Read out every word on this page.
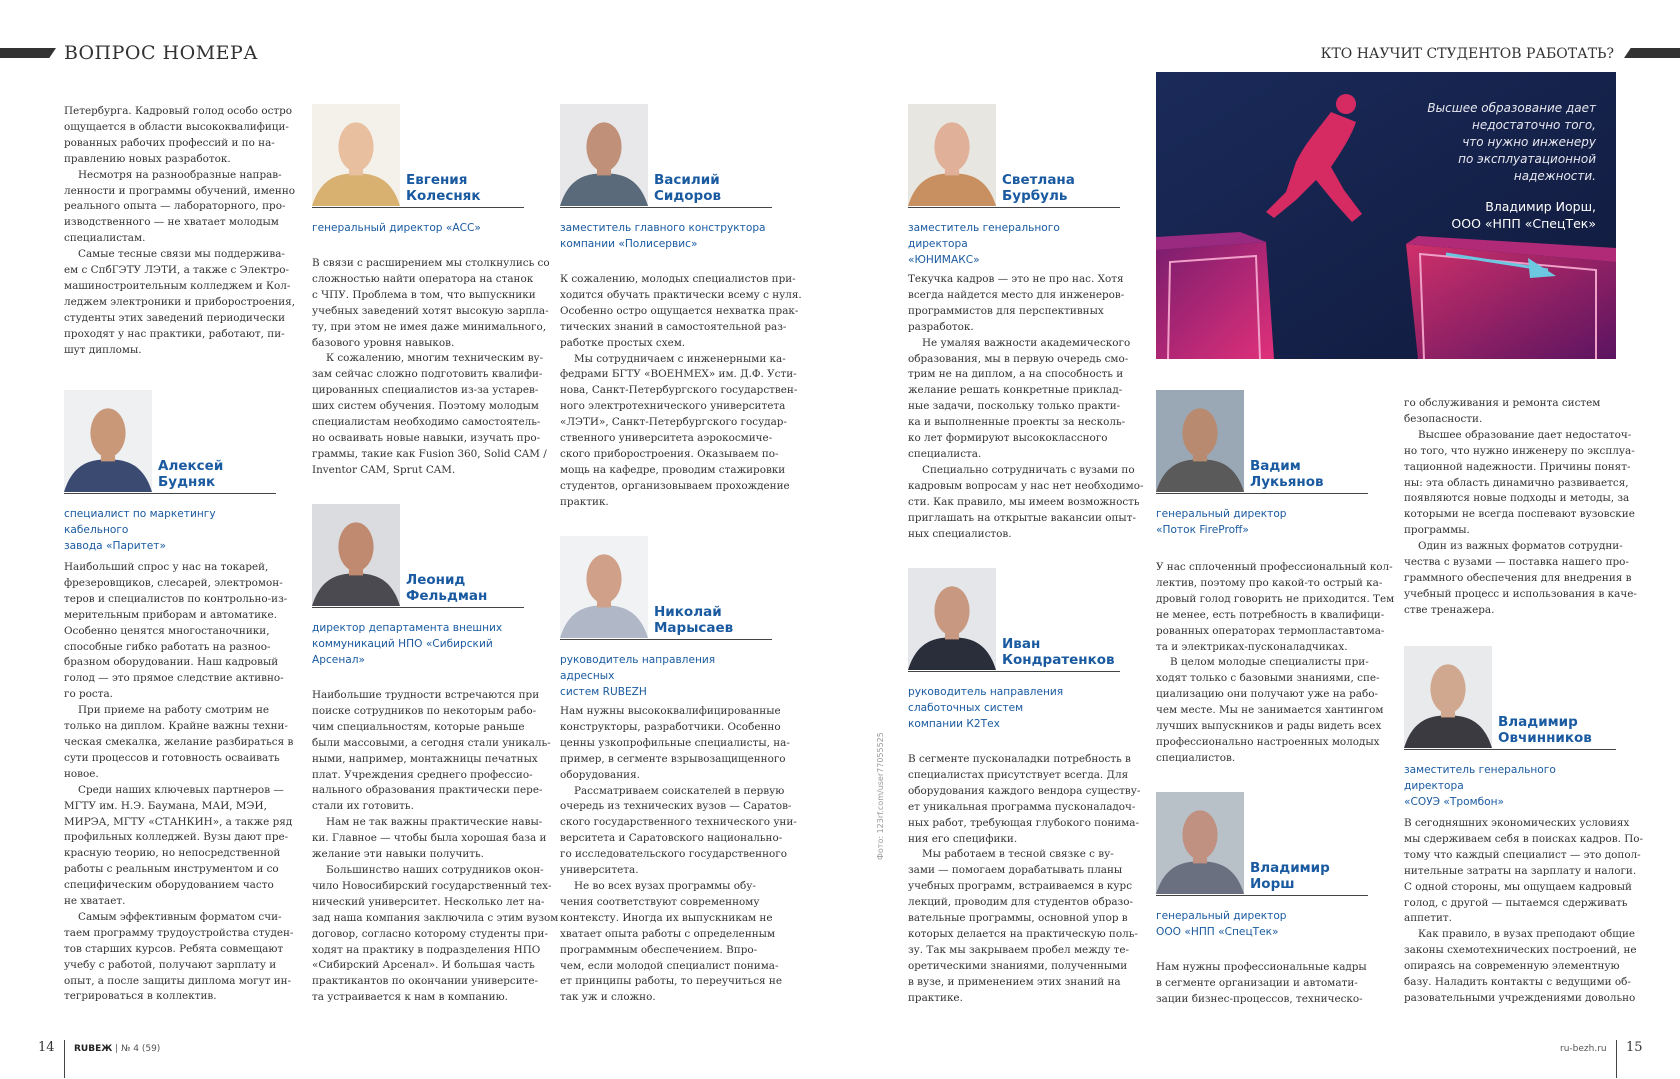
ВОПРОС НОМЕРА	КТО НАУЧИТ СТУДЕНТОВ РАБОТАТЬ?
Петербурга. Кадровый голод особо остро
ощущается в области высококвалифици-
рованных рабочих профессий и по на-
правлению новых разработок.
Несмотря на разнообразные направ-
ленности и программы обучений, именно
реального опыта — лабораторного, про-
изводственного — не хватает молодым
специалистам.
Самые тесные связи мы поддержива-
ем с СпбГЭТУ ЛЭТИ, а также с Электро-
машиностроительным колледжем и Кол-
леджем электроники и приборостроения,
студенты этих заведений периодически
проходят у нас практики, работают, пи-
шут дипломы.
Высшее образование дает
недостаточно того,
что нужно инженеру
по эксплуатационной
надежности.
Владимир Иорш,
ООО «НПП «СпецТек»
Фото: 123rf.com/user77055525
14 RUBEЖ | № 4 (59)	ru-bezh.ru 15
Алексей
Будняк
специалист по маркетингу кабельного
завода «Паритет»
Наибольший спрос у нас на токарей,
фрезеровщиков, слесарей, электромон-
теров и специалистов по контрольно-из-
мерительным приборам и автоматике.
Особенно ценятся многостаночники,
способные гибко работать на разноо-
бразном оборудовании. Наш кадровый
голод — это прямое следствие активно-
го роста.
При приеме на работу смотрим не
только на диплом. Крайне важны техни-
ческая смекалка, желание разбираться в
сути процессов и готовность осваивать
новое.
Среди наших ключевых партнеров —
МГТУ им. Н.Э. Баумана, МАИ, МЭИ,
МИРЭА, МГТУ «СТАНКИН», а также ряд
профильных колледжей. Вузы дают пре-
красную теорию, но непосредственной
работы с реальным инструментом и со
специфическим оборудованием часто
не хватает.
Самым эффективным форматом счи-
таем программу трудоустройства студен-
тов старших курсов. Ребята совмещают
учебу с работой, получают зарплату и
опыт, а после защиты диплома могут ин-
тегрироваться в коллектив.
Евгения
Колесняк
генеральный директор «АСС»
В связи с расширением мы столкнулись со
сложностью найти оператора на станок
с ЧПУ. Проблема в том, что выпускники
учебных заведений хотят высокую зарпла-
ту, при этом не имея даже минимального,
базового уровня навыков.
К сожалению, многим техническим ву-
зам сейчас сложно подготовить квалифи-
цированных специалистов из-за устарев-
ших систем обучения. Поэтому молодым
специалистам необходимо самостоятель-
но осваивать новые навыки, изучать про-
граммы, такие как Fusion 360, Solid CAM /
Inventor CAM, Sprut CAM.
Леонид
Фельдман
директор департамента внешних
коммуникаций НПО «Сибирский
Арсенал»
Наибольшие трудности встречаются при
поиске сотрудников по некоторым рабо-
чим специальностям, которые раньше
были массовыми, а сегодня стали уникаль-
ными, например, монтажницы печатных
плат. Учреждения среднего профессио-
нального образования практически пере-
стали их готовить.
Нам не так важны практические навы-
ки. Главное — чтобы была хорошая база и
желание эти навыки получить.
Большинство наших сотрудников окон-
чило Новосибирский государственный тех-
нический университет. Несколько лет на-
зад наша компания заключила с этим вузом
договор, согласно которому студенты при-
ходят на практику в подразделения НПО
«Сибирский Арсенал». И большая часть
практикантов по окончании университе-
та устраивается к нам в компанию.
Василий
Сидоров
заместитель главного конструктора
компании «Полисервис»
К сожалению, молодых специалистов при-
ходится обучать практически всему с нуля.
Особенно остро ощущается нехватка прак-
тических знаний в самостоятельной раз-
работке простых схем.
Мы сотрудничаем с инженерными ка-
федрами БГТУ «ВОЕНМЕХ» им. Д.Ф. Усти-
нова, Санкт-Петербургского государствен-
ного электротехнического университета
«ЛЭТИ», Санкт-Петербургского государ-
ственного университета аэрокосмиче-
ского приборостроения. Оказываем по-
мощь на кафедре, проводим стажировки
студентов, организовываем прохождение
практик.
Николай
Марысаев
руководитель направления адресных
систем RUBEZH
Нам нужны высококвалифицированные
конструкторы, разработчики. Особенно
ценны узкопрофильные специалисты, на-
пример, в сегменте взрывозащищенного
оборудования.
Рассматриваем соискателей в первую
очередь из технических вузов — Саратов-
ского государственного технического уни-
верситета и Саратовского национально-
го исследовательского государственного
университета.
Не во всех вузах программы обу-
чения соответствуют современному
контексту. Иногда их выпускникам не
хватает опыта работы с определенным
программным обеспечением. Впро-
чем, если молодой специалист понима-
ет принципы работы, то переучиться не
так уж и сложно.
Светлана
Бурбуль
заместитель генерального директора
«ЮНИМАКС»
Текучка кадров — это не про нас. Хотя
всегда найдется место для инженеров-
программистов для перспективных
разработок.
Не умаляя важности академического
образования, мы в первую очередь смо-
трим не на диплом, а на способность и
желание решать конкретные приклад-
ные задачи, поскольку только практи-
ка и выполненные проекты за несколь-
ко лет формируют высококлассного
специалиста.
Специально сотрудничать с вузами по
кадровым вопросам у нас нет необходимо-
сти. Как правило, мы имеем возможность
приглашать на открытые вакансии опыт-
ных специалистов.
Иван
Кондратенков
руководитель направления
слаботочных систем
компании К2Тех
В сегменте пусконаладки потребность в
специалистах присутствует всегда. Для
оборудования каждого вендора существу-
ет уникальная программа пусконаладоч-
ных работ, требующая глубокого понима-
ния его специфики.
Мы работаем в тесной связке с ву-
зами — помогаем дорабатывать планы
учебных программ, встраиваемся в курс
лекций, проводим для студентов образо-
вательные программы, основной упор в
которых делается на практическую поль-
зу. Так мы закрываем пробел между те-
оретическими знаниями, полученными
в вузе, и применением этих знаний на
практике.
Вадим
Лукьянов
генеральный директор
«Поток FireProff»
У нас сплоченный профессиональный кол-
лектив, поэтому про какой-то острый ка-
дровый голод говорить не приходится. Тем
не менее, есть потребность в квалифици-
рованных операторах термопластавтома-
та и электриках-пусконаладчиках.
В целом молодые специалисты при-
ходят только с базовыми знаниями, спе-
циализацию они получают уже на рабо-
чем месте. Мы не занимается хантингом
лучших выпускников и рады видеть всех
профессионально настроенных молодых
специалистов.
Владимир
Иорш
генеральный директор
ООО «НПП «СпецТек»
Нам нужны профессиональные кадры
в сегменте организации и автомати-
зации бизнес-процессов, техническо-
Владимир
Овчинников
заместитель генерального директора
«СОУЭ «Тромбон»
В сегодняшних экономических условиях
мы сдерживаем себя в поисках кадров. По-
тому что каждый специалист — это допол-
нительные затраты на зарплату и налоги.
С одной стороны, мы ощущаем кадровый
голод, с другой — пытаемся сдерживать
аппетит.
Как правило, в вузах преподают общие
законы схемотехнических построений, не
опираясь на современную элементную
базу. Наладить контакты с ведущими об-
разовательными учреждениями довольно
го обслуживания и ремонта систем
безопасности.
Высшее образование дает недостаточ-
но того, что нужно инженеру по эксплуа-
тационной надежности. Причины понят-
ны: эта область динамично развивается,
появляются новые подходы и методы, за
которыми не всегда поспевают вузовские
программы.
Один из важных форматов сотрудни-
чества с вузами — поставка нашего про-
граммного обеспечения для внедрения в
учебный процесс и использования в каче-
стве тренажера.
